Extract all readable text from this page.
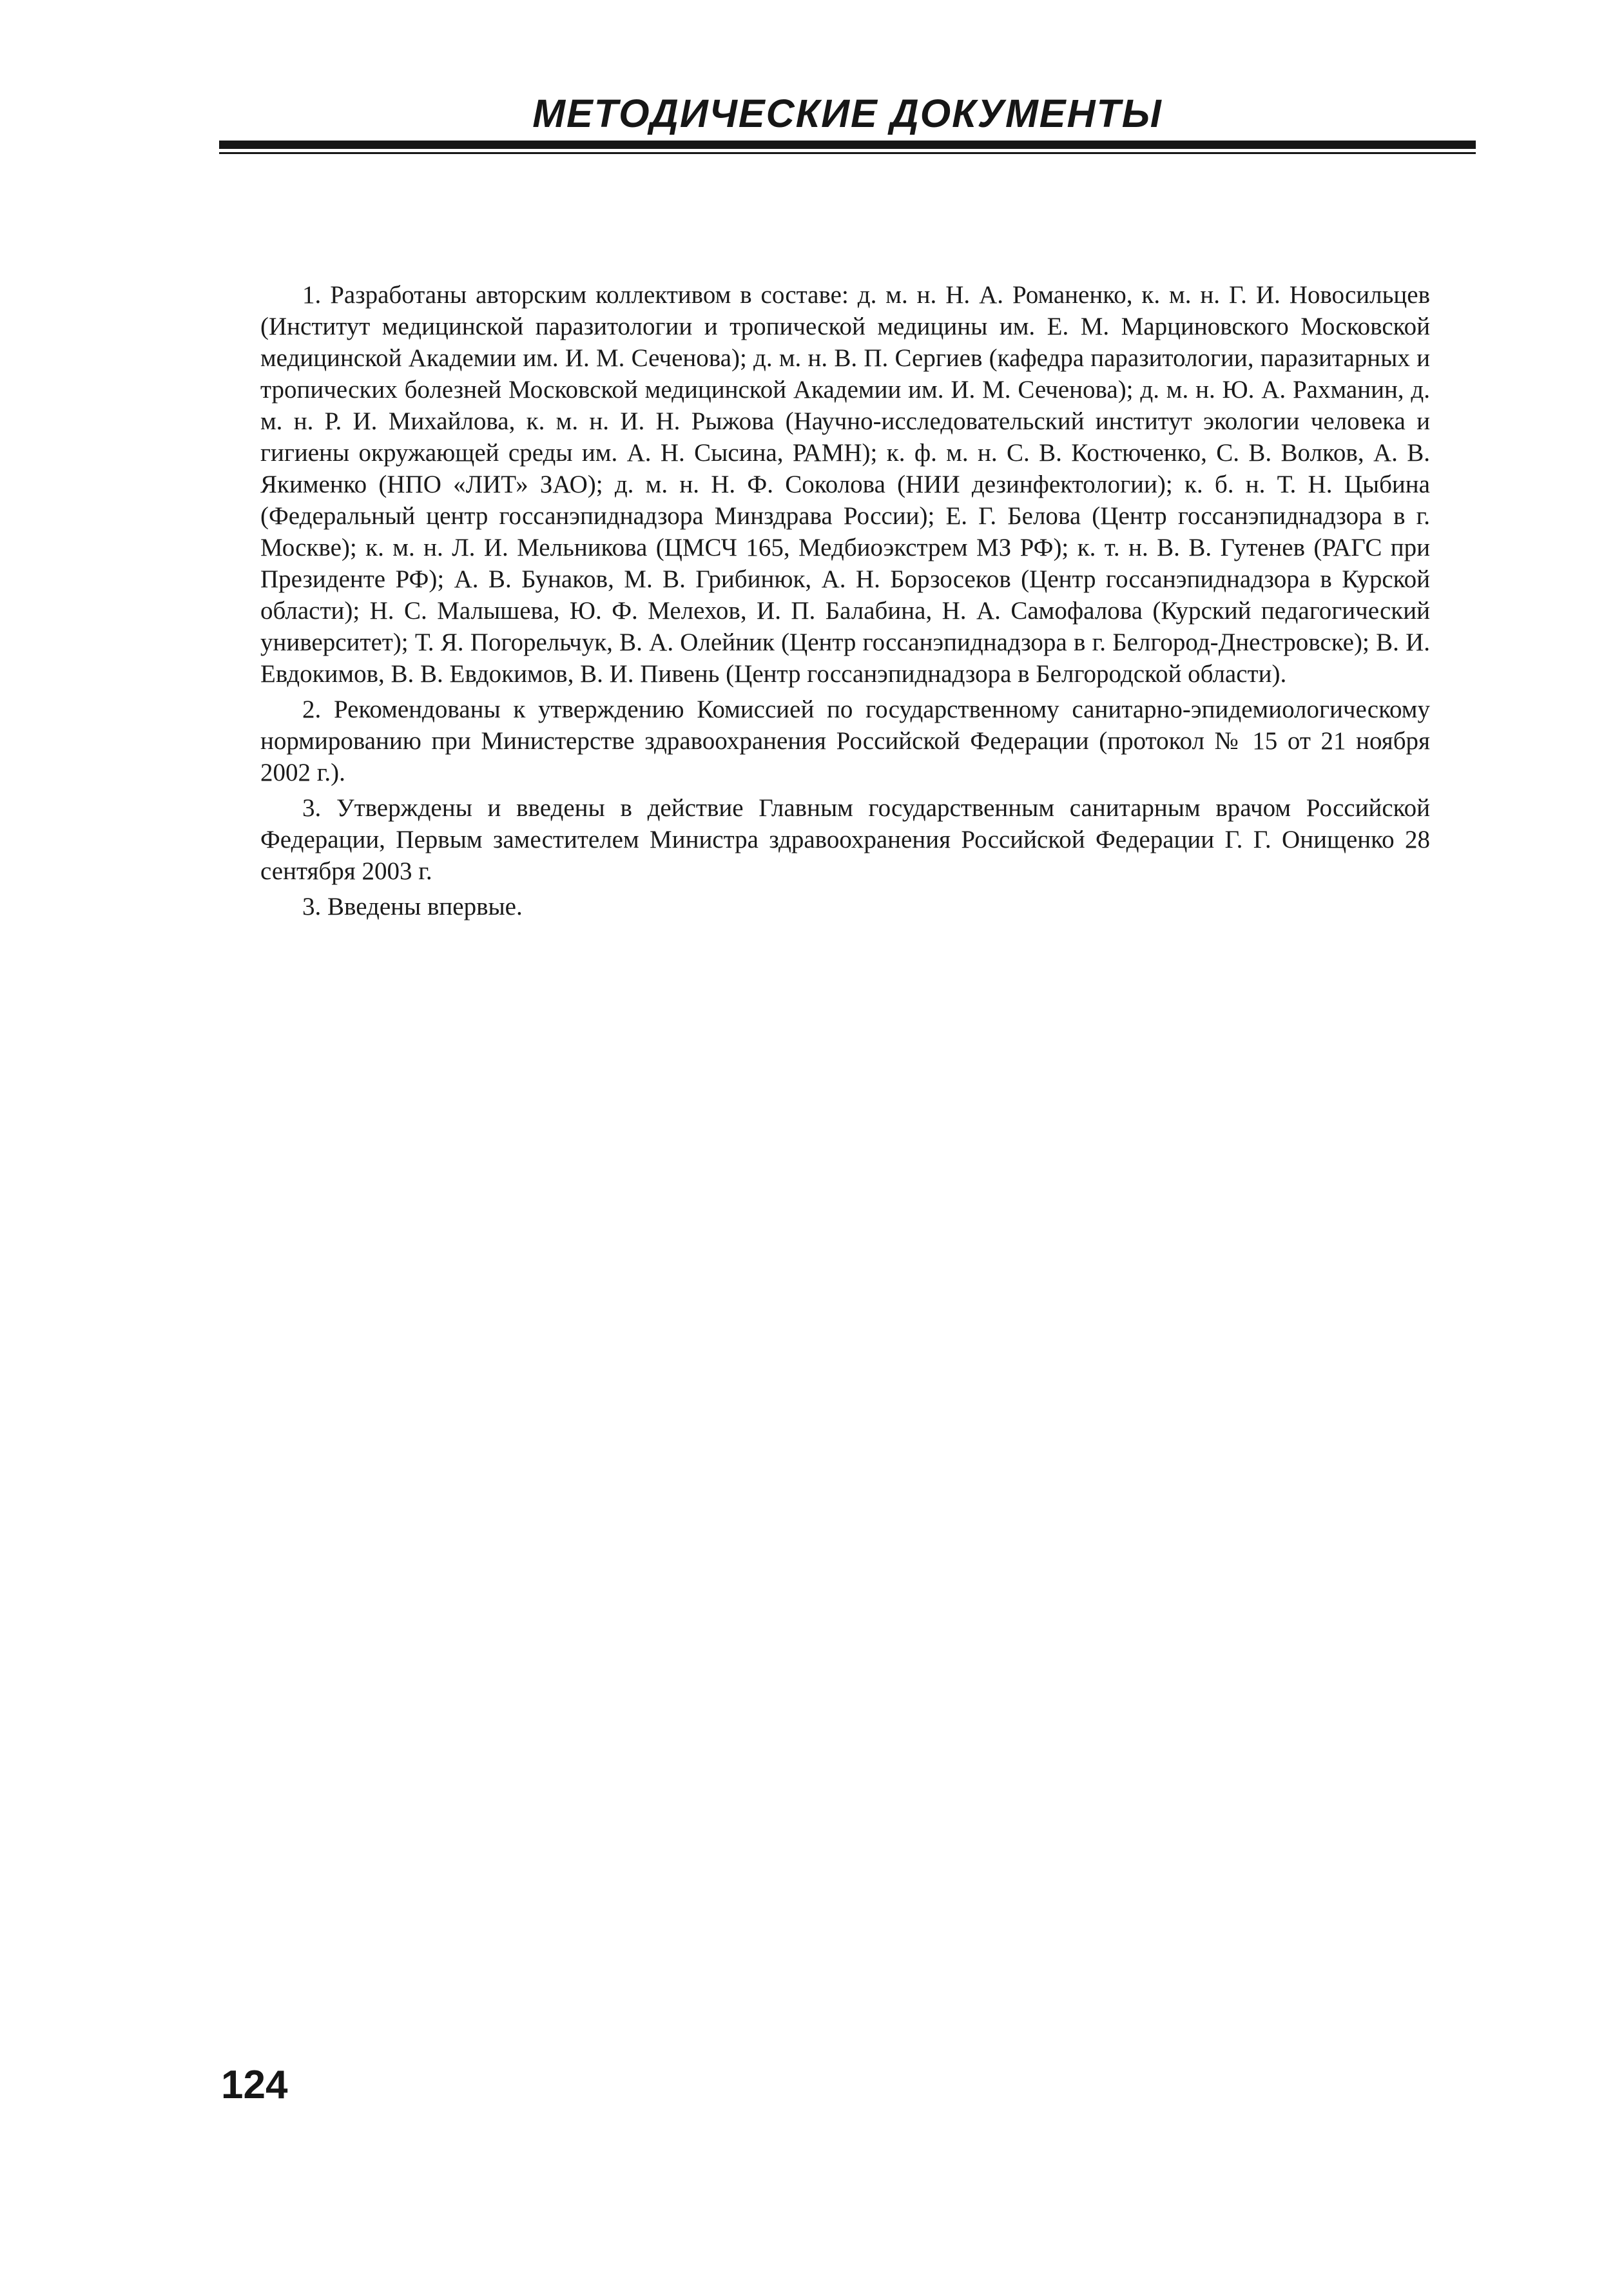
МЕТОДИЧЕСКИЕ ДОКУМЕНТЫ

1. Разработаны авторским коллективом в составе: д. м. н. Н. А. Романенко, к. м. н. Г. И. Новосильцев (Институт медицинской паразитологии и тропической медицины им. Е. М. Марциновского Московской медицинской Академии им. И. М. Сеченова); д. м. н. В. П. Сергиев (кафедра паразитологии, паразитарных и тропических болезней Московской медицинской Академии им. И. М. Сеченова); д. м. н. Ю. А. Рахманин, д. м. н. Р. И. Михайлова, к. м. н. И. Н. Рыжова (Научно-исследовательский институт экологии человека и гигиены окружающей среды им. А. Н. Сысина, РАМН); к. ф. м. н. С. В. Костюченко, С. В. Волков, А. В. Якименко (НПО «ЛИТ» ЗАО); д. м. н. Н. Ф. Соколова (НИИ дезинфектологии); к. б. н. Т. Н. Цыбина (Федеральный центр госсанэпиднадзора Минздрава России); Е. Г. Белова (Центр госсанэпиднадзора в г. Москве); к. м. н. Л. И. Мельникова (ЦМСЧ 165, Медбиоэкстрем МЗ РФ); к. т. н. В. В. Гутенев (РАГС при Президенте РФ); А. В. Бунаков, М. В. Грибинюк, А. Н. Борзосеков (Центр госсанэпиднадзора в Курской области); Н. С. Малышева, Ю. Ф. Мелехов, И. П. Балабина, Н. А. Самофалова (Курский педагогический университет); Т. Я. Погорельчук, В. А. Олейник (Центр госсанэпиднадзора в г. Белгород-Днестровске); В. И. Евдокимов, В. В. Евдокимов, В. И. Пивень (Центр госсанэпиднадзора в Белгородской области).

2. Рекомендованы к утверждению Комиссией по государственному санитарно-эпидемиологическому нормированию при Министерстве здравоохранения Российской Федерации (протокол № 15 от 21 ноября 2002 г.).

3. Утверждены и введены в действие Главным государственным санитарным врачом Российской Федерации, Первым заместителем Министра здравоохранения Российской Федерации Г. Г. Онищенко 28 сентября 2003 г.

3. Введены впервые.

124
